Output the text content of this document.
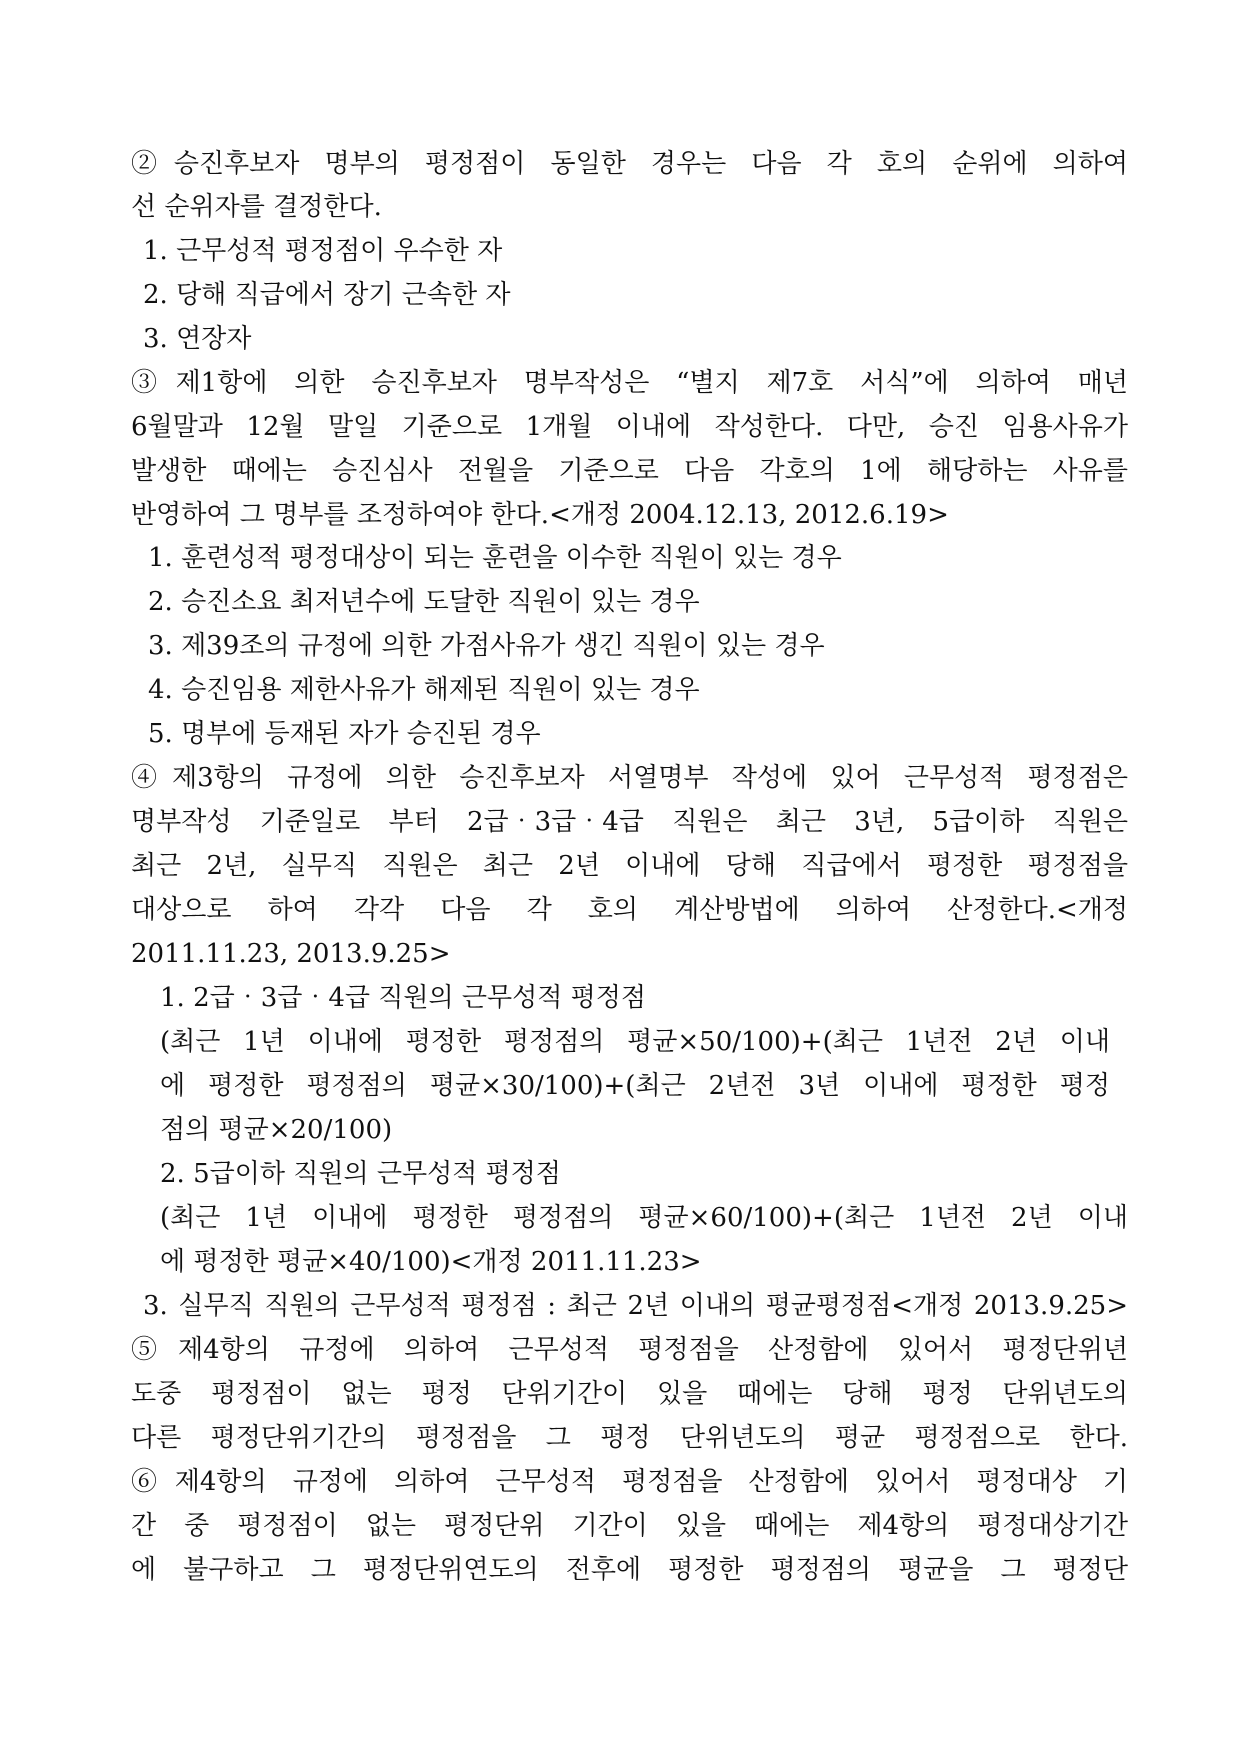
②승진후보자 명부의 평정점이 동일한 경우는 다음 각 호의 순위에 의하여
선 순위자를 결정한다.
1. 근무성적 평정점이 우수한 자
2. 당해 직급에서 장기 근속한 자
3. 연장자
③제1항에 의한 승진후보자 명부작성은 “별지 제7호 서식”에 의하여 매년
6월말과 12월 말일 기준으로 1개월 이내에 작성한다. 다만, 승진 임용사유가
발생한 때에는 승진심사 전월을 기준으로 다음 각호의 1에 해당하는 사유를
반영하여 그 명부를 조정하여야 한다.<개정 2004.12.13, 2012.6.19>
1. 훈련성적 평정대상이 되는 훈련을 이수한 직원이 있는 경우
2. 승진소요 최저년수에 도달한 직원이 있는 경우
3. 제39조의 규정에 의한 가점사유가 생긴 직원이 있는 경우
4. 승진임용 제한사유가 해제된 직원이 있는 경우
5. 명부에 등재된 자가 승진된 경우
④제3항의 규정에 의한 승진후보자 서열명부 작성에 있어 근무성적 평정점은
명부작성 기준일로 부터 2급‧3급‧4급 직원은 최근 3년, 5급이하 직원은
최근 2년, 실무직 직원은 최근 2년 이내에 당해 직급에서 평정한 평정점을
대상으로 하여 각각 다음 각 호의 계산방법에 의하여 산정한다.<개정
2011.11.23, 2013.9.25>
1. 2급‧3급‧4급 직원의 근무성적 평정점
(최근 1년 이내에 평정한 평정점의 평균×50/100)+(최근 1년전 2년 이내
에 평정한 평정점의 평균×30/100)+(최근 2년전 3년 이내에 평정한 평정
점의 평균×20/100)
2. 5급이하 직원의 근무성적 평정점
(최근 1년 이내에 평정한 평정점의 평균×60/100)+(최근 1년전 2년 이내
에 평정한 평균×40/100)<개정 2011.11.23>
3. 실무직 직원의 근무성적 평정점 : 최근 2년 이내의 평균평정점<개정 2013.9.25>
⑤제4항의 규정에 의하여 근무성적 평정점을 산정함에 있어서 평정단위년
도중 평정점이 없는 평정 단위기간이 있을 때에는 당해 평정 단위년도의
다른 평정단위기간의 평정점을 그 평정 단위년도의 평균 평정점으로 한다.
⑥제4항의 규정에 의하여 근무성적 평정점을 산정함에 있어서 평정대상 기
간 중 평정점이 없는 평정단위 기간이 있을 때에는 제4항의 평정대상기간
에 불구하고 그 평정단위연도의 전후에 평정한 평정점의 평균을 그 평정단
